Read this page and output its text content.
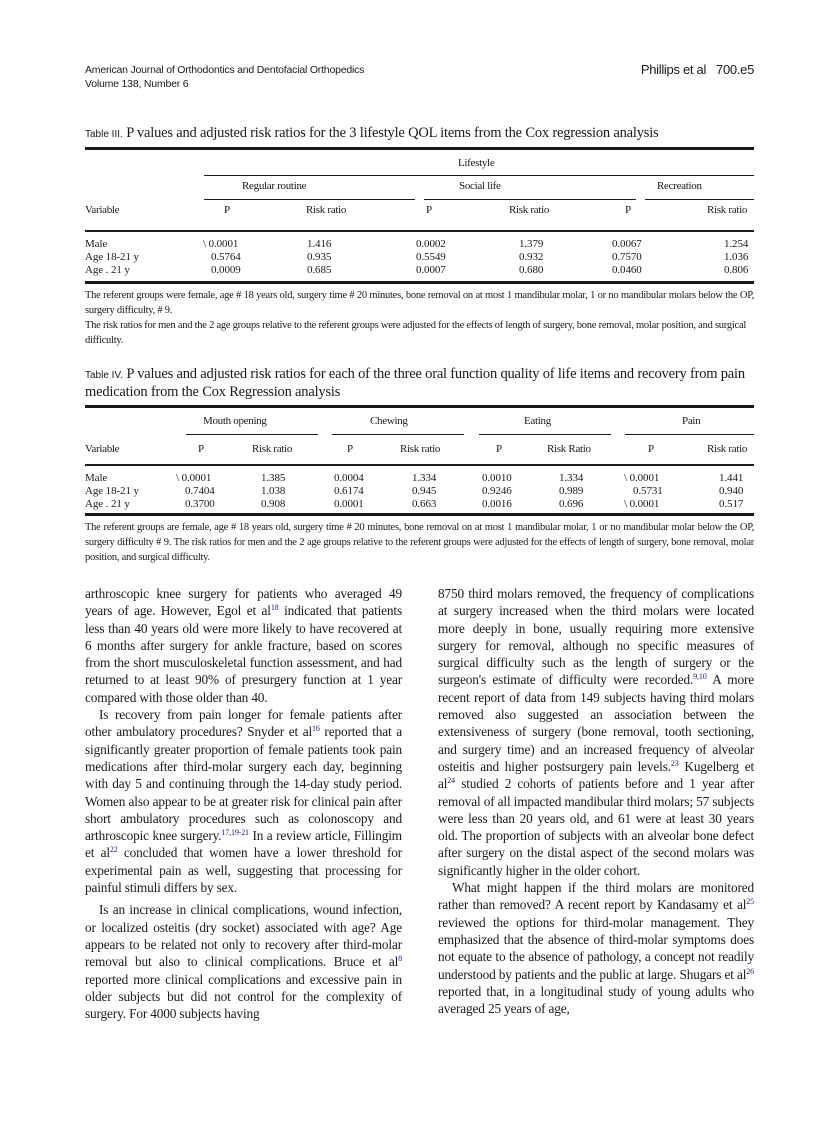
American Journal of Orthodontics and Dentofacial Orthopedics
Volume 138, Number 6
Phillips et al 700.e5
Table III. P values and adjusted risk ratios for the 3 lifestyle QOL items from the Cox regression analysis
Lifestyle
Regular routine	Social life	Recreation
Variable	P	Risk ratio	P	Risk ratio	P	Risk ratio
Male	\ 0.0001	1.416	0.0002	1.379	0.0067	1.254
Age 18-21 y	0.5764	0.935	0.5549	0.932	0.7570	1.036
Age . 21 y	0.0009	0.685	0.0007	0.680	0.0460	0.806
The referent groups were female, age # 18 years old, surgery time # 20 minutes, bone removal on at most 1 mandibular molar, 1 or no mandibular molars below the OP, surgery difficulty, # 9.
The risk ratios for men and the 2 age groups relative to the referent groups were adjusted for the effects of length of surgery, bone removal, molar position, and surgical difficulty.
Table IV. P values and adjusted risk ratios for each of the three oral function quality of life items and recovery from pain medication from the Cox Regression analysis
Mouth opening	Chewing	Eating	Pain
Variable	P	Risk ratio	P	Risk ratio	P	Risk Ratio	P	Risk ratio
Male	\ 0.0001	1.385	0.0004	1.334	0.0010	1.334	\ 0.0001	1.441
Age 18-21 y	0.7404	1.038	0.6174	0.945	0.9246	0.989	0.5731	0.940
Age . 21 y	0.3700	0.908	0.0001	0.663	0.0016	0.696	\ 0.0001	0.517
The referent groups are female, age # 18 years old, surgery time # 20 minutes, bone removal on at most 1 mandibular molar, 1 or no mandibular molar below the OP, surgery difficulty # 9. The risk ratios for men and the 2 age groups relative to the referent groups were adjusted for the effects of length of surgery, bone removal, molar position, and surgical difficulty.

arthroscopic knee surgery for patients who averaged 49 years of age. However, Egol et $al^{18}$ indicated that patients less than 40 years old were more likely to have recovered at 6 months after surgery for ankle fracture, based on scores from the short musculoskeletal function assessment, and had returned to at least 90% of presurgery function at 1 year compared with those older than 40.

Is recovery from pain longer for female patients after other ambulatory procedures? Snyder et $al^{16}$ reported that a significantly greater proportion of female patients took pain medications after third-molar surgery each day, beginning with day 5 and continuing through the 14-day study period. Women also appear to be at greater risk for clinical pain after short ambulatory procedures such as colonoscopy and arthroscopic knee surgery.$^{17,19-21}$ In a review article, Fillingim et $al^{22}$ concluded that women have a lower threshold for experimental pain as well, suggesting that processing for painful stimuli differs by sex.

Is an increase in clinical complications, wound infection, or localized osteitis (dry socket) associated with age? Age appears to be related not only to recovery after third-molar removal but also to clinical complications. Bruce et $al^8$ reported more clinical complications and excessive pain in older subjects but did not control for the complexity of surgery. For 4000 subjects having

8750 third molars removed, the frequency of complications at surgery increased when the third molars were located more deeply in bone, usually requiring more extensive surgery for removal, although no specific measures of surgical difficulty such as the length of surgery or the surgeon's estimate of difficulty were recorded.$^{9,10}$ A more recent report of data from 149 subjects having third molars removed also suggested an association between the extensiveness of surgery (bone removal, tooth sectioning, and surgery time) and an increased frequency of alveolar osteitis and higher postsurgery pain levels.$^{23}$ Kugelberg et $al^{24}$ studied 2 cohorts of patients before and 1 year after removal of all impacted mandibular third molars; 57 subjects were less than 20 years old, and 61 were at least 30 years old. The proportion of subjects with an alveolar bone defect after surgery on the distal aspect of the second molars was significantly higher in the older cohort.

What might happen if the third molars are monitored rather than removed? A recent report by Kandasamy et $al^{25}$ reviewed the options for third-molar management. They emphasized that the absence of third-molar symptoms does not equate to the absence of pathology, a concept not readily understood by patients and the public at large. Shugars et $al^{26}$ reported that, in a longitudinal study of young adults who averaged 25 years of age,
